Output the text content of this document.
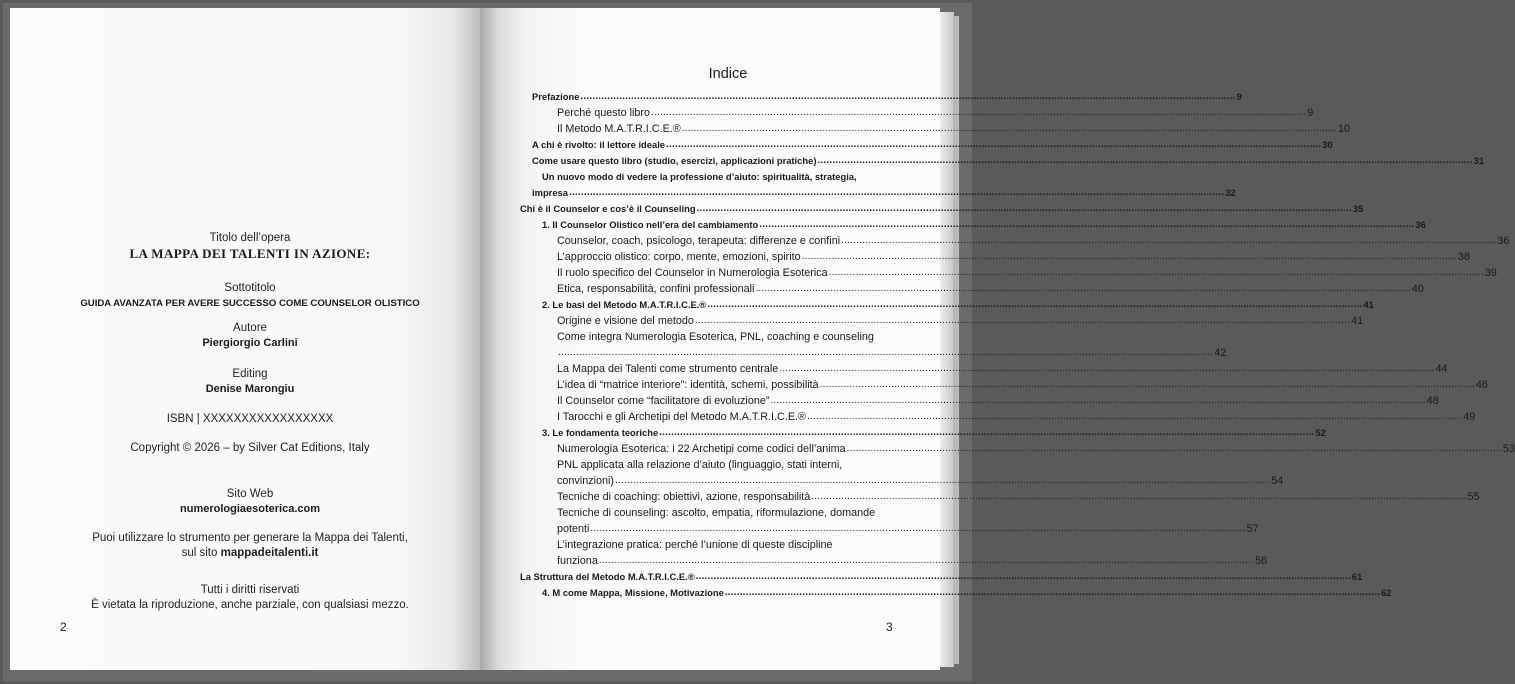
Titolo dell’opera
LA MAPPA DEI TALENTI IN AZIONE:
Sottotitolo
GUIDA AVANZATA PER AVERE SUCCESSO COME COUNSELOR OLISTICO
Autore
Piergiorgio Carlini
Editing
Denise Marongiu
ISBN | XXXXXXXXXXXXXXXXX
Copyright © 2026 – by Silver Cat Editions, Italy
Sito Web
numerologiaesoterica.com
Puoi utilizzare lo strumento per generare la Mappa dei Talenti,
sul sito mappadeitalenti.it
Tutti i diritti riservati
È vietata la riproduzione, anche parziale, con qualsiasi mezzo.
2
Indice
Prefazione ............................................................................................................................................................................................................................ 9
Perché questo libro ............................................................................................................................................................................................................................ 9
Il Metodo M.A.T.R.I.C.E.® ............................................................................................................................................................................................................................ 10
A chi è rivolto: il lettore ideale ............................................................................................................................................................................................................................ 30
Come usare questo libro (studio, esercizi, applicazioni pratiche) ............................................................................................................................................................................................................................ 31
Un nuovo modo di vedere la professione d’aiuto: spiritualità, strategia,
impresa ............................................................................................................................................................................................................................ 32
Chi è il Counselor e cos’è il Counseling ............................................................................................................................................................................................................................ 35
1. Il Counselor Olistico nell’era del cambiamento ............................................................................................................................................................................................................................ 36
Counselor, coach, psicologo, terapeuta: differenze e confini ............................................................................................................................................................................................................................ 36
L’approccio olistico: corpo, mente, emozioni, spirito ............................................................................................................................................................................................................................ 38
Il ruolo specifico del Counselor in Numerologia Esoterica ............................................................................................................................................................................................................................ 39
Etica, responsabilità, confini professionali ............................................................................................................................................................................................................................ 40
2. Le basi del Metodo M.A.T.R.I.C.E.® ............................................................................................................................................................................................................................ 41
Origine e visione del metodo ............................................................................................................................................................................................................................ 41
Come integra Numerologia Esoterica, PNL, coaching e counseling
............................................................................................................................................................................................................................ 42
La Mappa dei Talenti come strumento centrale ............................................................................................................................................................................................................................ 44
L’idea di “matrice interiore”: identità, schemi, possibilità ............................................................................................................................................................................................................................ 46
Il Counselor come “facilitatore di evoluzione” ............................................................................................................................................................................................................................ 48
I Tarocchi e gli Archetipi del Metodo M.A.T.R.I.C.E.® ............................................................................................................................................................................................................................ 49
3. Le fondamenta teoriche ............................................................................................................................................................................................................................ 52
Numerologia Esoterica: i 22 Archetipi come codici dell’anima ............................................................................................................................................................................................................................ 53
PNL applicata alla relazione d’aiuto (linguaggio, stati interni,
convinzioni) ............................................................................................................................................................................................................................ 54
Tecniche di coaching: obiettivi, azione, responsabilità ............................................................................................................................................................................................................................ 55
Tecniche di counseling: ascolto, empatia, riformulazione, domande
potenti ............................................................................................................................................................................................................................ 57
L’integrazione pratica: perché l’unione di queste discipline
funziona ............................................................................................................................................................................................................................ 58
La Struttura del Metodo M.A.T.R.I.C.E.® ............................................................................................................................................................................................................................ 61
4. M come Mappa, Missione, Motivazione ............................................................................................................................................................................................................................ 62
3
